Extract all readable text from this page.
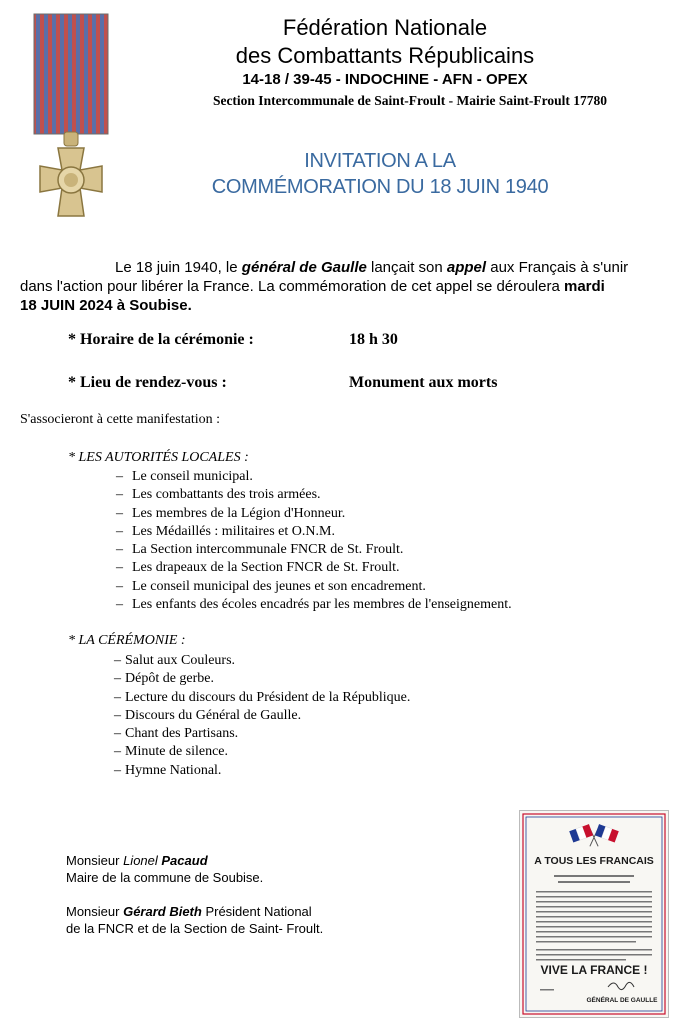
Fédération Nationale
des Combattants Républicains
14-18 / 39-45 - INDOCHINE - AFN - OPEX
Section Intercommunale de Saint-Froult - Mairie Saint-Froult 17780
INVITATION A LA
COMMÉMORATION DU 18 JUIN 1940

Le 18 juin 1940, le général de Gaulle lançait son appel aux Français à s'unir

dans l'action pour libérer la France. La commémoration de cet appel se déroulera mardi

18 JUIN 2024 à Soubise.

* Horaire de la cérémonie :	18 h 30
* Lieu de rendez-vous :	Monument aux morts
S'associeront à cette manifestation :
* LES AUTORITÉS LOCALES :
– Le conseil municipal.
– Les combattants des trois armées.
– Les membres de la Légion d'Honneur.
– Les Médaillés : militaires et O.N.M.
– La Section intercommunale FNCR de St. Froult.
– Les drapeaux de la Section FNCR de St. Froult.
– Le conseil municipal des jeunes et son encadrement.
– Les enfants des écoles encadrés par les membres de l'enseignement.
* LA CÉRÉMONIE :
– Salut aux Couleurs.
– Dépôt de gerbe.
– Lecture du discours du Président de la République.
– Discours du Général de Gaulle.
– Chant des Partisans.
– Minute de silence.
– Hymne National.
Monsieur Lionel Pacaud
Maire de la commune de Soubise.
Monsieur Gérard Bieth Président National
de la FNCR et de la Section de Saint- Froult.
A TOUS LES FRANCAIS
VIVE LA FRANCE !
GÉNÉRAL DE GAULLE
